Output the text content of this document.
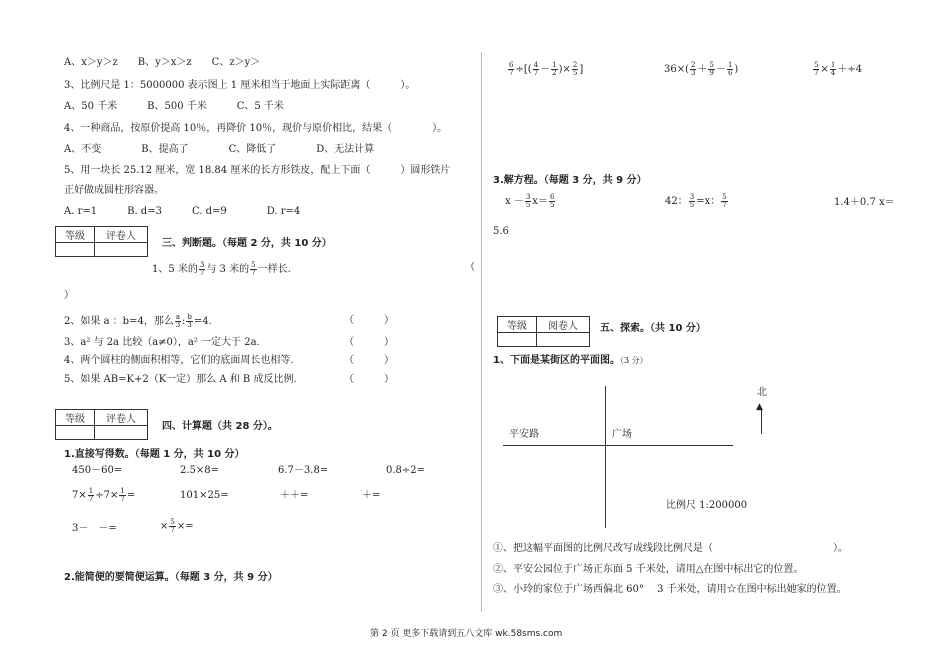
A、x＞y＞z　　B、y＞x＞z　　C、z＞y＞
3、比例尺是 1：5000000 表示图上 1 厘米相当于地面上实际距离（　　　）。
A、50 千米　　　B、500 千米　　　C、5 千米
4、一种商品，按原价提高 10％，再降价 10％，现价与原价相比，结果（　　　　）。
A、不变　　　　B、提高了　　　　C、降低了　　　　D、无法计算
5、用一块长 25.12 厘米，宽 18.84 厘米的长方形铁皮，配上下面（　　　）圆形铁片
正好做成圆柱形容器。
A. r=1　　　B. d=3　　　C. d=9　　　　D. r=4
等级	评卷人

三、判断题。（每题 2 分，共 10 分）
1、5 米的 $\frac{3}{7}$ 与 3 米的 $\frac{5}{7}$ 一样长.	（
）
2、如果 a ：b=4，那么 $\frac{a}{3}$ : $\frac{b}{3} =4$.	（　　　）
3、a² 与 2a 比较（a≠0），a² 一定大于 2a.	（　　　）
4、两个圆柱的侧面积相等，它们的底面周长也相等.	（　　　）
5、如果 AB=K+2（K一定）那么 A 和 B 成反比例.	（　　　）
等级	评卷人

四、计算题（共 28 分）。
1.直接写得数。（每题 1 分，共 10 分）
450－60=	2.5×8=	6.7－3.8=	0.8÷2=
$7\times \frac{1}{7} \div 7\times \frac{1}{7}$ =	101×25=	＋＋=	＋=
3－　－=	× $\frac{5}{7}$ ×=
2.能简便的要简便运算。（每题 3 分，共 9 分）
$\frac{6}{7}$ ÷[( $\frac{4}{7} - \frac{1}{2}$ )× $\frac{2}{5}$ ]	$36\times( \frac{2}{3} + \frac{5}{9} - \frac{1}{6}$ )	$\frac{5}{7} \times \frac{1}{4} +\div 4$
3.解方程。（每题 3 分，共 9 分）
$x - \frac{3}{5} x= \frac{6}{5}$	42： $\frac{3}{5} =x$： $\frac{5}{7}$	1.4＋0.7 x＝
5.6
等级	阅卷人
	五、探索。（共 10 分）
1、下面是某街区的平面图。（3 分）
北
▲
平安路	广场
比例尺 1:200000
①、把这幅平面图的比例尺改写成线段比例尺是（　　　　　　　　　　　　）。
②、平安公园位于广场正东面 5 千米处，请用△在图中标出它的位置。
③、小玲的家位于广场西偏北 60°　 3 千米处，请用☆在图中标出她家的位置。
第 2 页 更多下载请到五八文库 wk.58sms.com
